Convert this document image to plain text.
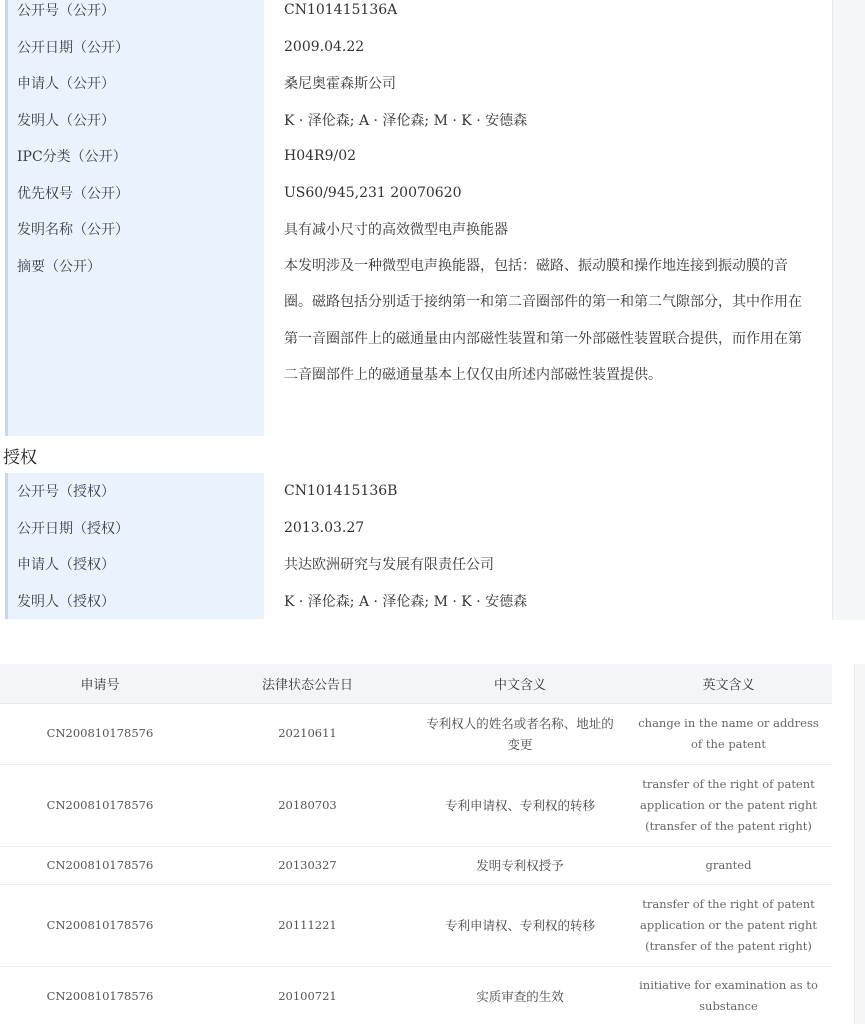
公开号（公开）	CN101415136A
公开日期（公开）	2009.04.22
申请人（公开）	桑尼奥霍森斯公司
发明人（公开）	K · 泽伦森; A · 泽伦森; M · K · 安德森
IPC分类（公开）	H04R9/02
优先权号（公开）	US60/945,231 20070620
发明名称（公开）	具有减小尺寸的高效微型电声换能器
摘要（公开）	本发明涉及一种微型电声换能器，包括：磁路、振动膜和操作地连接到振动膜的音圈。磁路包括分别适于接纳第一和第二音圈部件的第一和第二气隙部分，其中作用在第一音圈部件上的磁通量由内部磁性装置和第一外部磁性装置联合提供，而作用在第二音圈部件上的磁通量基本上仅仅由所述内部磁性装置提供。
授权
公开号（授权）	CN101415136B
公开日期（授权）	2013.03.27
申请人（授权）	共达欧洲研究与发展有限责任公司
发明人（授权）	K · 泽伦森; A · 泽伦森; M · K · 安德森
申请号	法律状态公告日	中文含义	英文含义
CN200810178576	20210611	专利权人的姓名或者名称、地址的变更	change in the name or address of the patent
CN200810178576	20180703	专利申请权、专利权的转移	transfer of the right of patent application or the patent right (transfer of the patent right)
CN200810178576	20130327	发明专利权授予	granted
CN200810178576	20111221	专利申请权、专利权的转移	transfer of the right of patent application or the patent right (transfer of the patent right)
CN200810178576	20100721	实质审查的生效	initiative for examination as to substance
